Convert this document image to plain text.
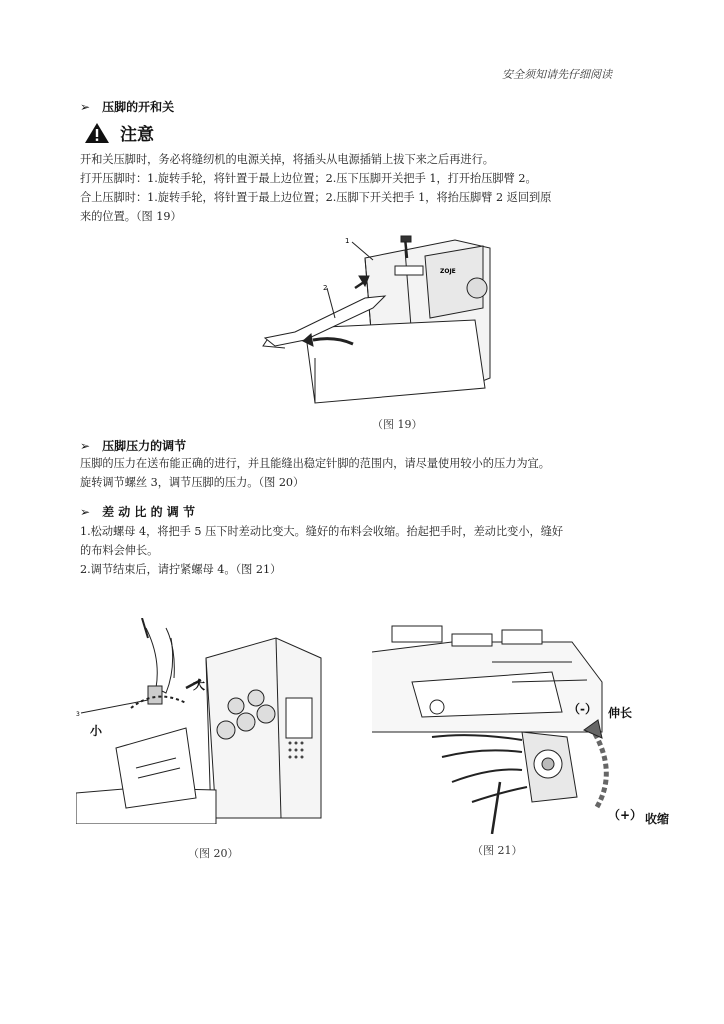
安全须知请先仔细阅读
➢ 压脚的开和关
注意
开和关压脚时，务必将缝纫机的电源关掉，将插头从电源插销上拔下来之后再进行。
打开压脚时：1.旋转手轮，将针置于最上边位置；2.压下压脚开关把手 1，打开抬压脚臂 2。
合上压脚时：1.旋转手轮，将针置于最上边位置；2.压脚下开关把手 1，将抬压脚臂 2 返回到原
来的位置。（图 19）
1
2
ZOJE
（图 19）
➢ 压脚压力的调节
压脚的压力在送布能正确的进行，并且能缝出稳定针脚的范围内，请尽量使用较小的压力为宜。
旋转调节螺丝 3，调节压脚的压力。（图 20）
➢ 差 动 比 的 调 节
1.松动螺母 4，将把手 5 压下时差动比变大。缝好的布料会收缩。抬起把手时，差动比变小，缝好
的布料会伸长。
2.调节结束后，请拧紧螺母 4。（图 21）
3
大
小
（图 20）
（-） 伸长
（+） 收缩
（图 21）
